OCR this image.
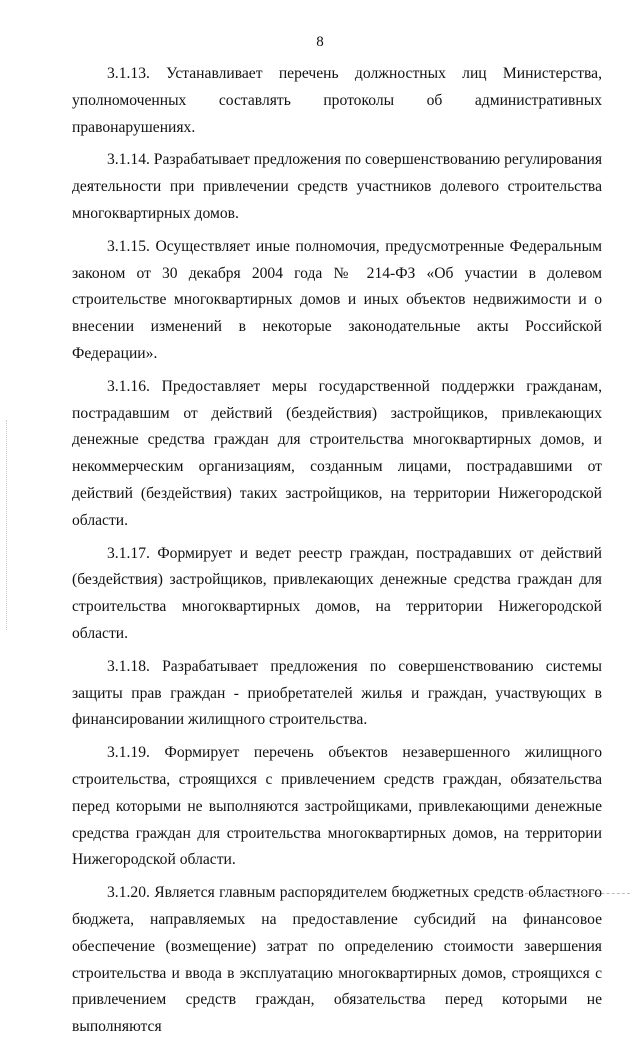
8

3.1.13. Устанавливает перечень должностных лиц Министерства, уполномоченных составлять протоколы об административных правонарушениях.

3.1.14. Разрабатывает предложения по совершенствованию регулирования деятельности при привлечении средств участников долевого строительства многоквартирных домов.

3.1.15. Осуществляет иные полномочия, предусмотренные Федеральным законом от 30 декабря 2004 года № 214-ФЗ «Об участии в долевом строительстве многоквартирных домов и иных объектов недвижимости и о внесении изменений в некоторые законодательные акты Российской Федерации».

3.1.16. Предоставляет меры государственной поддержки гражданам, пострадавшим от действий (бездействия) застройщиков, привлекающих денежные средства граждан для строительства многоквартирных домов, и некоммерческим организациям, созданным лицами, пострадавшими от действий (бездействия) таких застройщиков, на территории Нижегородской области.

3.1.17. Формирует и ведет реестр граждан, пострадавших от действий (бездействия) застройщиков, привлекающих денежные средства граждан для строительства многоквартирных домов, на территории Нижегородской области.

3.1.18. Разрабатывает предложения по совершенствованию системы защиты прав граждан - приобретателей жилья и граждан, участвующих в финансировании жилищного строительства.

3.1.19. Формирует перечень объектов незавершенного жилищного строительства, строящихся с привлечением средств граждан, обязательства перед которыми не выполняются застройщиками, привлекающими денежные средства граждан для строительства многоквартирных домов, на территории Нижегородской области.

3.1.20. Является главным распорядителем бюджетных средств областного бюджета, направляемых на предоставление субсидий на финансовое обеспечение (возмещение) затрат по определению стоимости завершения строительства и ввода в эксплуатацию многоквартирных домов, строящихся с привлечением средств граждан, обязательства перед которыми не выполняются
